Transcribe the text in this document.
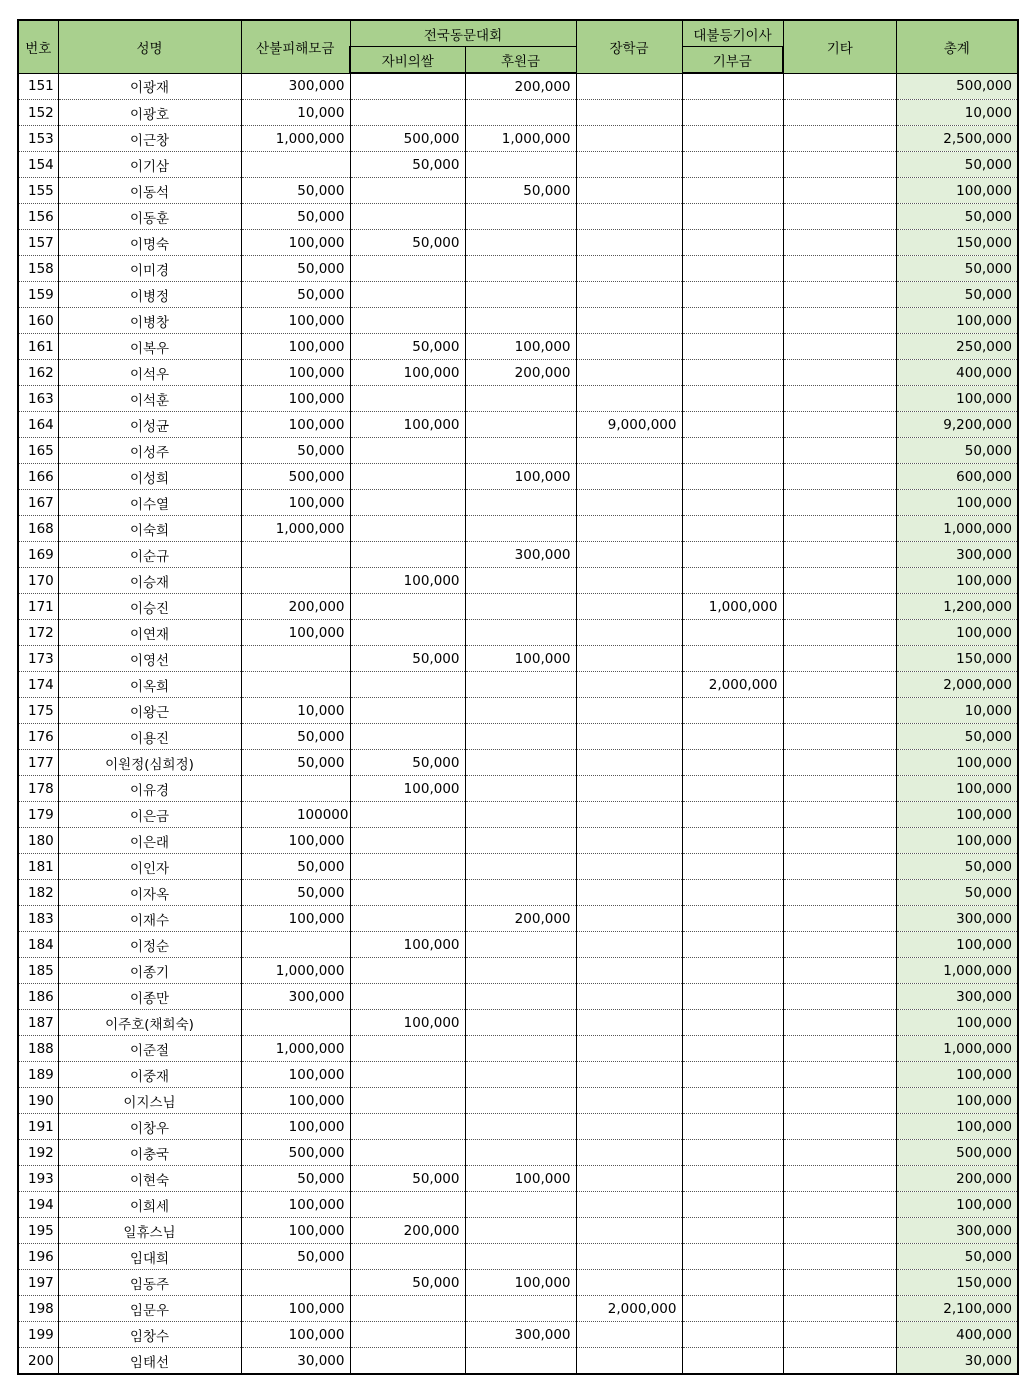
번호	성명	산불피해모금	전국동문대회		장학금	대불등기이사	기타	총계
			자비의쌀	후원금		기부금		
151	이광재	300,000		200,000				500,000
152	이광호	10,000						10,000
153	이근창	1,000,000	500,000	1,000,000				2,500,000
154	이기삼		50,000					50,000
155	이동석	50,000		50,000				100,000
156	이동훈	50,000						50,000
157	이명숙	100,000	50,000					150,000
158	이미경	50,000						50,000
159	이병정	50,000						50,000
160	이병창	100,000						100,000
161	이복우	100,000	50,000	100,000				250,000
162	이석우	100,000	100,000	200,000				400,000
163	이석훈	100,000						100,000
164	이성균	100,000	100,000		9,000,000			9,200,000
165	이성주	50,000						50,000
166	이성희	500,000		100,000				600,000
167	이수열	100,000						100,000
168	이숙희	1,000,000						1,000,000
169	이순규			300,000				300,000
170	이승재		100,000					100,000
171	이승진	200,000				1,000,000		1,200,000
172	이연재	100,000						100,000
173	이영선		50,000	100,000				150,000
174	이옥희					2,000,000		2,000,000
175	이왕근	10,000						10,000
176	이용진	50,000						50,000
177	이원정(심희정)	50,000	50,000					100,000
178	이유경		100,000					100,000
179	이은금	100000						100,000
180	이은래	100,000						100,000
181	이인자	50,000						50,000
182	이자옥	50,000						50,000
183	이재수	100,000		200,000				300,000
184	이정순		100,000					100,000
185	이종기	1,000,000						1,000,000
186	이종만	300,000						300,000
187	이주호(채희숙)		100,000					100,000
188	이준절	1,000,000						1,000,000
189	이중재	100,000						100,000
190	이지스님	100,000						100,000
191	이창우	100,000						100,000
192	이충국	500,000						500,000
193	이현숙	50,000	50,000	100,000				200,000
194	이희세	100,000						100,000
195	일휴스님	100,000	200,000					300,000
196	임대희	50,000						50,000
197	임동주		50,000	100,000				150,000
198	임문우	100,000			2,000,000			2,100,000
199	임창수	100,000		300,000				400,000
200	임태선	30,000						30,000
